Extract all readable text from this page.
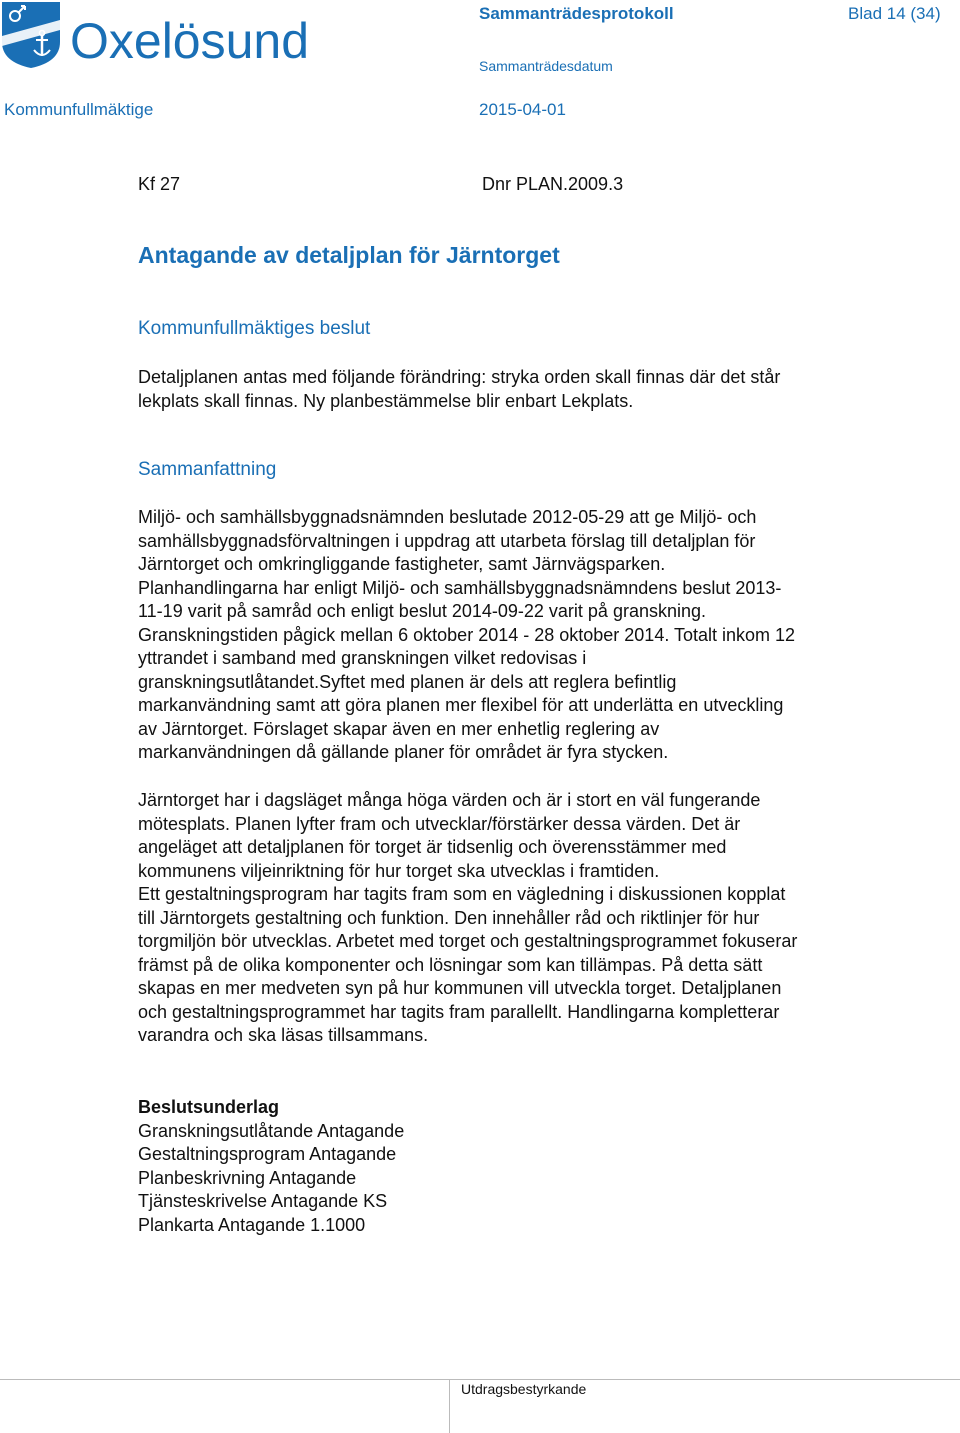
Oxelösund	Sammanträdesprotokoll	Blad 14 (34)
Sammanträdesdatum
Kommunfullmäktige	2015-04-01
Kf 27	Dnr PLAN.2009.3
Antagande av detaljplan för Järntorget
Kommunfullmäktiges beslut
Detaljplanen antas med följande förändring: stryka orden skall finnas där det står
lekplats skall finnas. Ny planbestämmelse blir enbart Lekplats.
Sammanfattning
Miljö- och samhällsbyggnadsnämnden beslutade 2012-05-29 att ge Miljö- och
samhällsbyggnadsförvaltningen i uppdrag att utarbeta förslag till detaljplan för
Järntorget och omkringliggande fastigheter, samt Järnvägsparken.
Planhandlingarna har enligt Miljö- och samhällsbyggnadsnämndens beslut 2013-
11-19 varit på samråd och enligt beslut 2014-09-22 varit på granskning.
Granskningstiden pågick mellan 6 oktober 2014 - 28 oktober 2014. Totalt inkom 12
yttrandet i samband med granskningen vilket redovisas i
granskningsutlåtandet.Syftet med planen är dels att reglera befintlig
markanvändning samt att göra planen mer flexibel för att underlätta en utveckling
av Järntorget. Förslaget skapar även en mer enhetlig reglering av
markanvändningen då gällande planer för området är fyra stycken.
Järntorget har i dagsläget många höga värden och är i stort en väl fungerande
mötesplats. Planen lyfter fram och utvecklar/förstärker dessa värden. Det är
angeläget att detaljplanen för torget är tidsenlig och överensstämmer med
kommunens viljeinriktning för hur torget ska utvecklas i framtiden.
Ett gestaltningsprogram har tagits fram som en vägledning i diskussionen kopplat
till Järntorgets gestaltning och funktion. Den innehåller råd och riktlinjer för hur
torgmiljön bör utvecklas. Arbetet med torget och gestaltningsprogrammet fokuserar
främst på de olika komponenter och lösningar som kan tillämpas. På detta sätt
skapas en mer medveten syn på hur kommunen vill utveckla torget. Detaljplanen
och gestaltningsprogrammet har tagits fram parallellt. Handlingarna kompletterar
varandra och ska läsas tillsammans.
Beslutsunderlag
Granskningsutlåtande Antagande
Gestaltningsprogram Antagande
Planbeskrivning Antagande
Tjänsteskrivelse Antagande KS
Plankarta Antagande 1.1000
Utdragsbestyrkande
